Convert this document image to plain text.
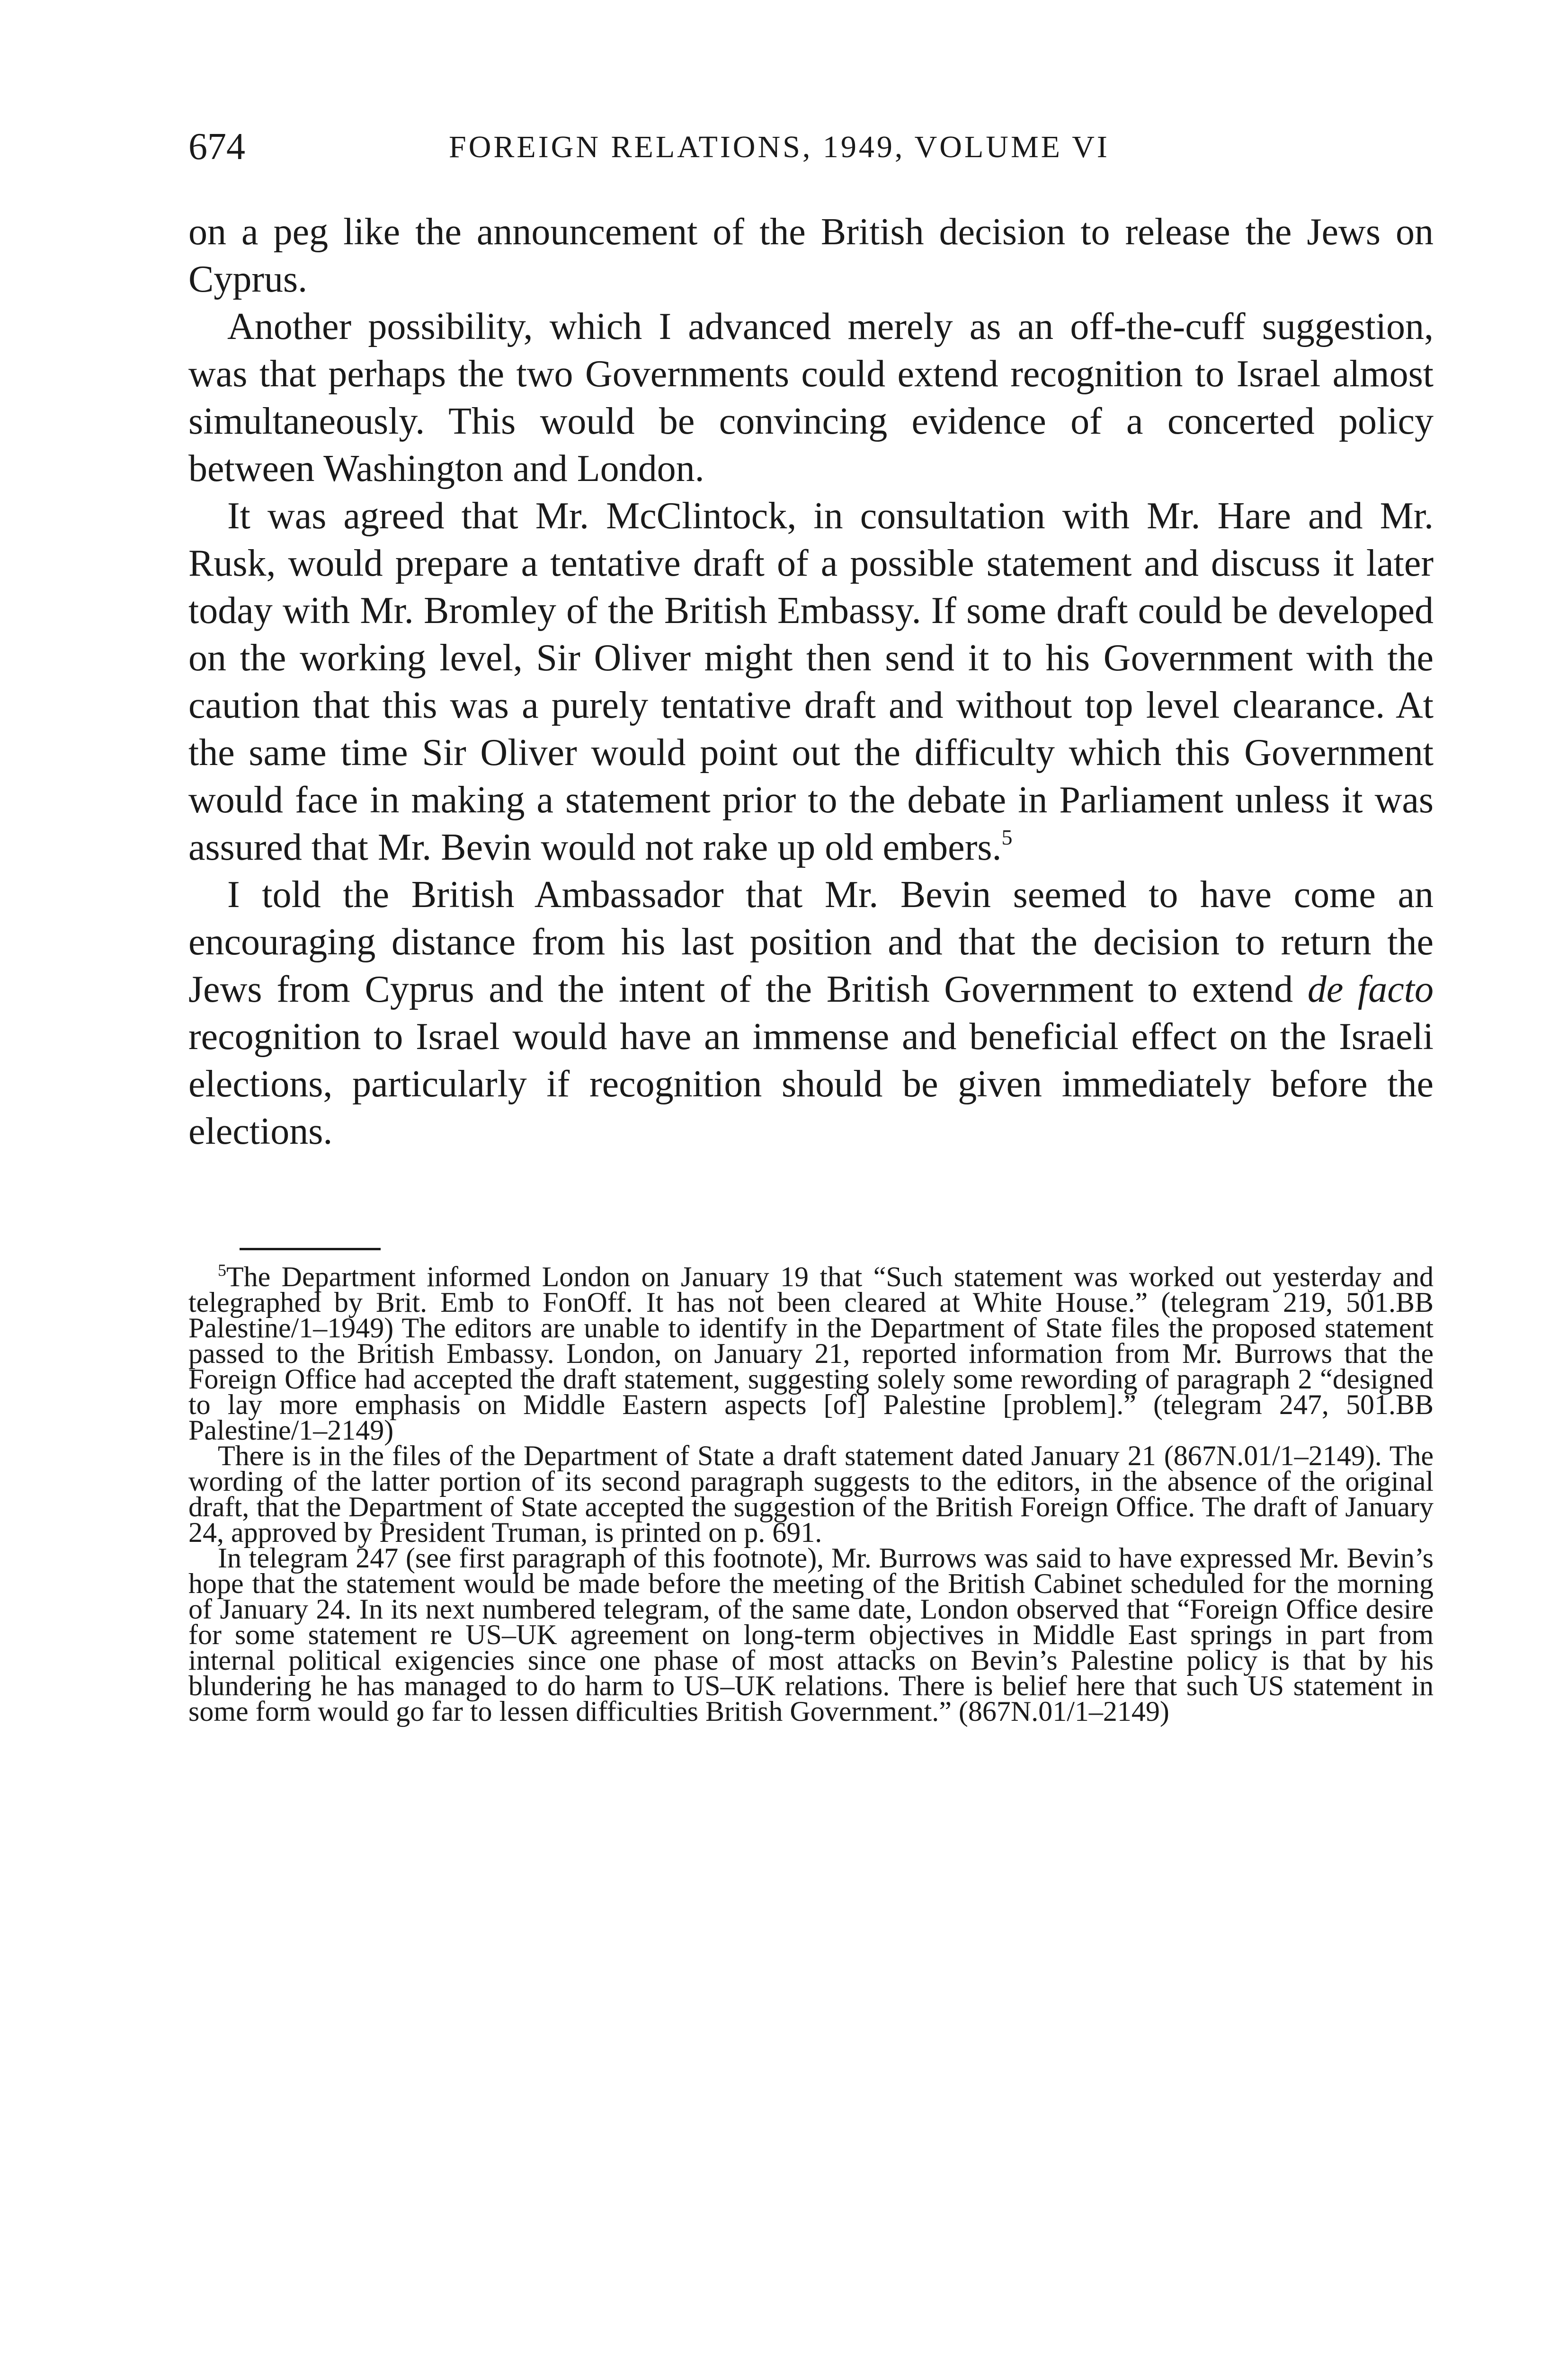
674	FOREIGN RELATIONS, 1949, VOLUME VI

on a peg like the announcement of the British decision to release the Jews on Cyprus.

Another possibility, which I advanced merely as an off-the-cuff suggestion, was that perhaps the two Governments could extend recognition to Israel almost simultaneously. This would be convincing evidence of a concerted policy between Washington and London.

It was agreed that Mr. McClintock, in consultation with Mr. Hare and Mr. Rusk, would prepare a tentative draft of a possible statement and discuss it later today with Mr. Bromley of the British Embassy. If some draft could be developed on the working level, Sir Oliver might then send it to his Government with the caution that this was a purely tentative draft and without top level clearance. At the same time Sir Oliver would point out the difficulty which this Government would face in making a statement prior to the debate in Parliament unless it was assured that Mr. Bevin would not rake up old embers.$^5$

I told the British Ambassador that Mr. Bevin seemed to have come an encouraging distance from his last position and that the decision to return the Jews from Cyprus and the intent of the British Government to extend de facto recognition to Israel would have an immense and beneficial effect on the Israeli elections, particularly if recognition should be given immediately before the elections.

$^5$The Department informed London on January 19 that “Such statement was worked out yesterday and telegraphed by Brit. Emb to FonOff. It has not been cleared at White House.” (telegram 219, 501.BB Palestine/1–1949) The editors are unable to identify in the Department of State files the proposed statement passed to the British Embassy. London, on January 21, reported information from Mr. Burrows that the Foreign Office had accepted the draft statement, suggesting solely some rewording of paragraph 2 “designed to lay more emphasis on Middle Eastern aspects [of] Palestine [problem].” (telegram 247, 501.BB Palestine/1–2149)

There is in the files of the Department of State a draft statement dated January 21 (867N.01/1–2149). The wording of the latter portion of its second paragraph suggests to the editors, in the absence of the original draft, that the Department of State accepted the suggestion of the British Foreign Office. The draft of January 24, approved by President Truman, is printed on p. 691.

In telegram 247 (see first paragraph of this footnote), Mr. Burrows was said to have expressed Mr. Bevin’s hope that the statement would be made before the meeting of the British Cabinet scheduled for the morning of January 24. In its next numbered telegram, of the same date, London observed that “Foreign Office desire for some statement re US–UK agreement on long-term objectives in Middle East springs in part from internal political exigencies since one phase of most attacks on Bevin’s Palestine policy is that by his blundering he has managed to do harm to US–UK relations. There is belief here that such US statement in some form would go far to lessen difficulties British Government.” (867N.01/1–2149)
